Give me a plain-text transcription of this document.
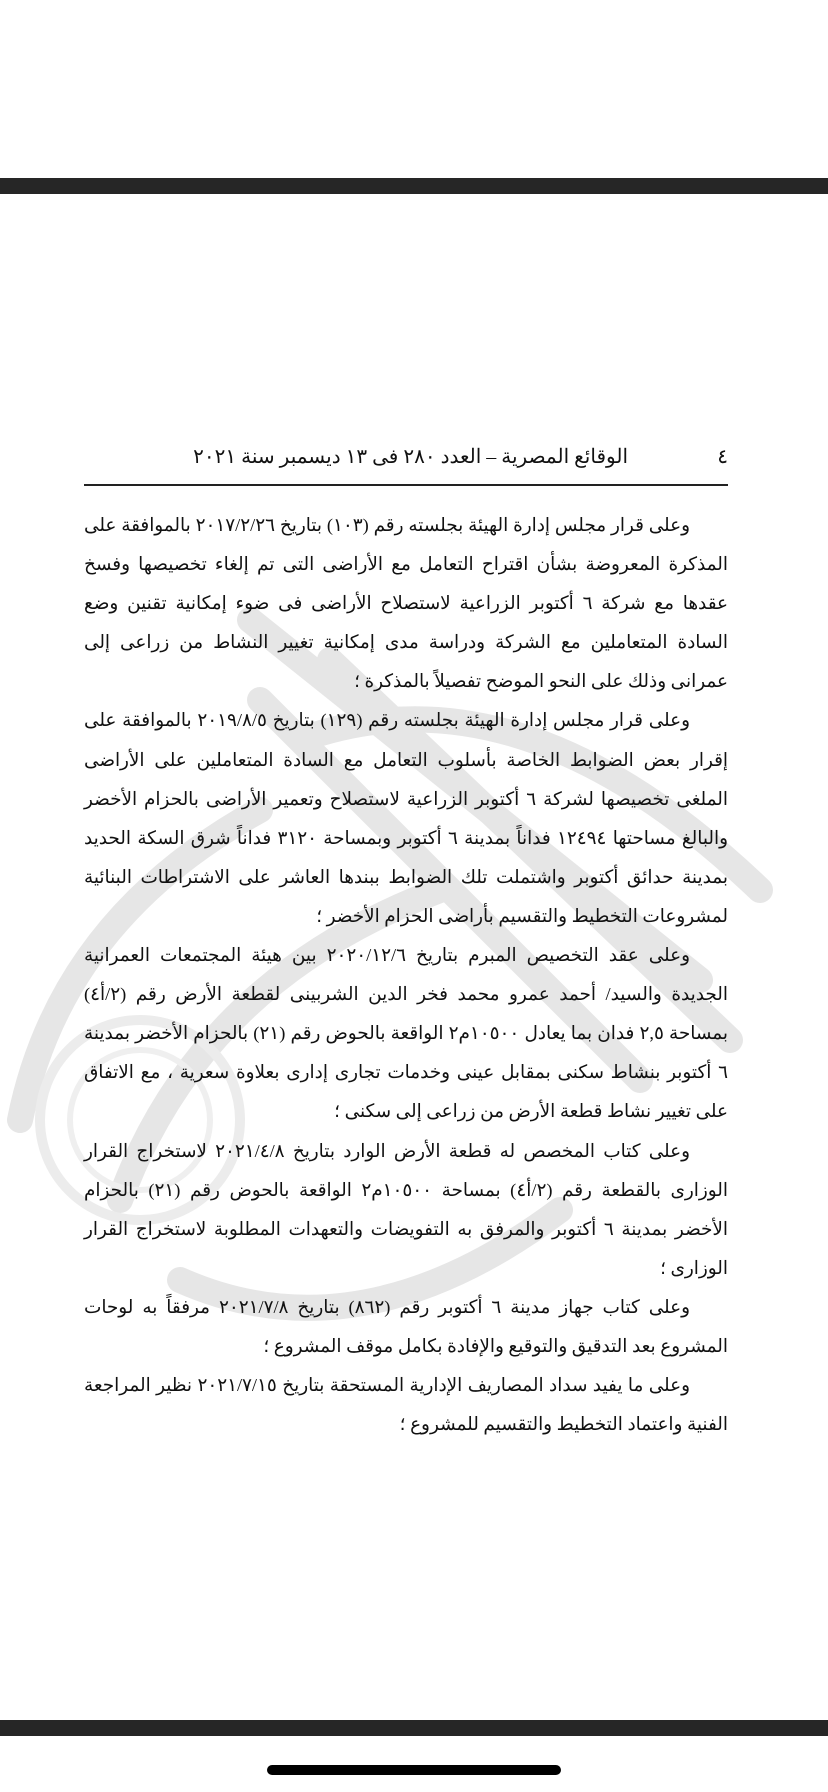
٤
الوقائع المصرية – العدد ٢٨٠ فى ١٣ ديسمبر سنة ٢٠٢١

وعلى قرار مجلس إدارة الهيئة بجلسته رقم (١٠٣) بتاريخ ٢٠١٧/٢/٢٦ بالموافقة على المذكرة المعروضة بشأن اقتراح التعامل مع الأراضى التى تم إلغاء تخصيصها وفسخ عقدها مع شركة ٦ أكتوبر الزراعية لاستصلاح الأراضى فى ضوء إمكانية تقنين وضع السادة المتعاملين مع الشركة ودراسة مدى إمكانية تغيير النشاط من زراعى إلى عمرانى وذلك على النحو الموضح تفصيلاً بالمذكرة ؛

وعلى قرار مجلس إدارة الهيئة بجلسته رقم (١٢٩) بتاريخ ٢٠١٩/٨/٥ بالموافقة على إقرار بعض الضوابط الخاصة بأسلوب التعامل مع السادة المتعاملين على الأراضى الملغى تخصيصها لشركة ٦ أكتوبر الزراعية لاستصلاح وتعمير الأراضى بالحزام الأخضر والبالغ مساحتها ١٢٤٩٤ فداناً بمدينة ٦ أكتوبر وبمساحة ٣١٢٠ فداناً شرق السكة الحديد بمدينة حدائق أكتوبر واشتملت تلك الضوابط ببندها العاشر على الاشتراطات البنائية لمشروعات التخطيط والتقسيم بأراضى الحزام الأخضر ؛

وعلى عقد التخصيص المبرم بتاريخ ٢٠٢٠/١٢/٦ بين هيئة المجتمعات العمرانية الجديدة والسيد/ أحمد عمرو محمد فخر الدين الشربينى لقطعة الأرض رقم (٢/أ٤) بمساحة ٢,٥ فدان بما يعادل ١٠٥٠٠م٢ الواقعة بالحوض رقم (٢١) بالحزام الأخضر بمدينة ٦ أكتوبر بنشاط سكنى بمقابل عينى وخدمات تجارى إدارى بعلاوة سعرية ، مع الاتفاق على تغيير نشاط قطعة الأرض من زراعى إلى سكنى ؛

وعلى كتاب المخصص له قطعة الأرض الوارد بتاريخ ٢٠٢١/٤/٨ لاستخراج القرار الوزارى بالقطعة رقم (٢/أ٤) بمساحة ١٠٥٠٠م٢ الواقعة بالحوض رقم (٢١) بالحزام الأخضر بمدينة ٦ أكتوبر والمرفق به التفويضات والتعهدات المطلوبة لاستخراج القرار الوزارى ؛

وعلى كتاب جهاز مدينة ٦ أكتوبر رقم (٨٦٢) بتاريخ ٢٠٢١/٧/٨ مرفقاً به لوحات المشروع بعد التدقيق والتوقيع والإفادة بكامل موقف المشروع ؛

وعلى ما يفيد سداد المصاريف الإدارية المستحقة بتاريخ ٢٠٢١/٧/١٥ نظير المراجعة الفنية واعتماد التخطيط والتقسيم للمشروع ؛
